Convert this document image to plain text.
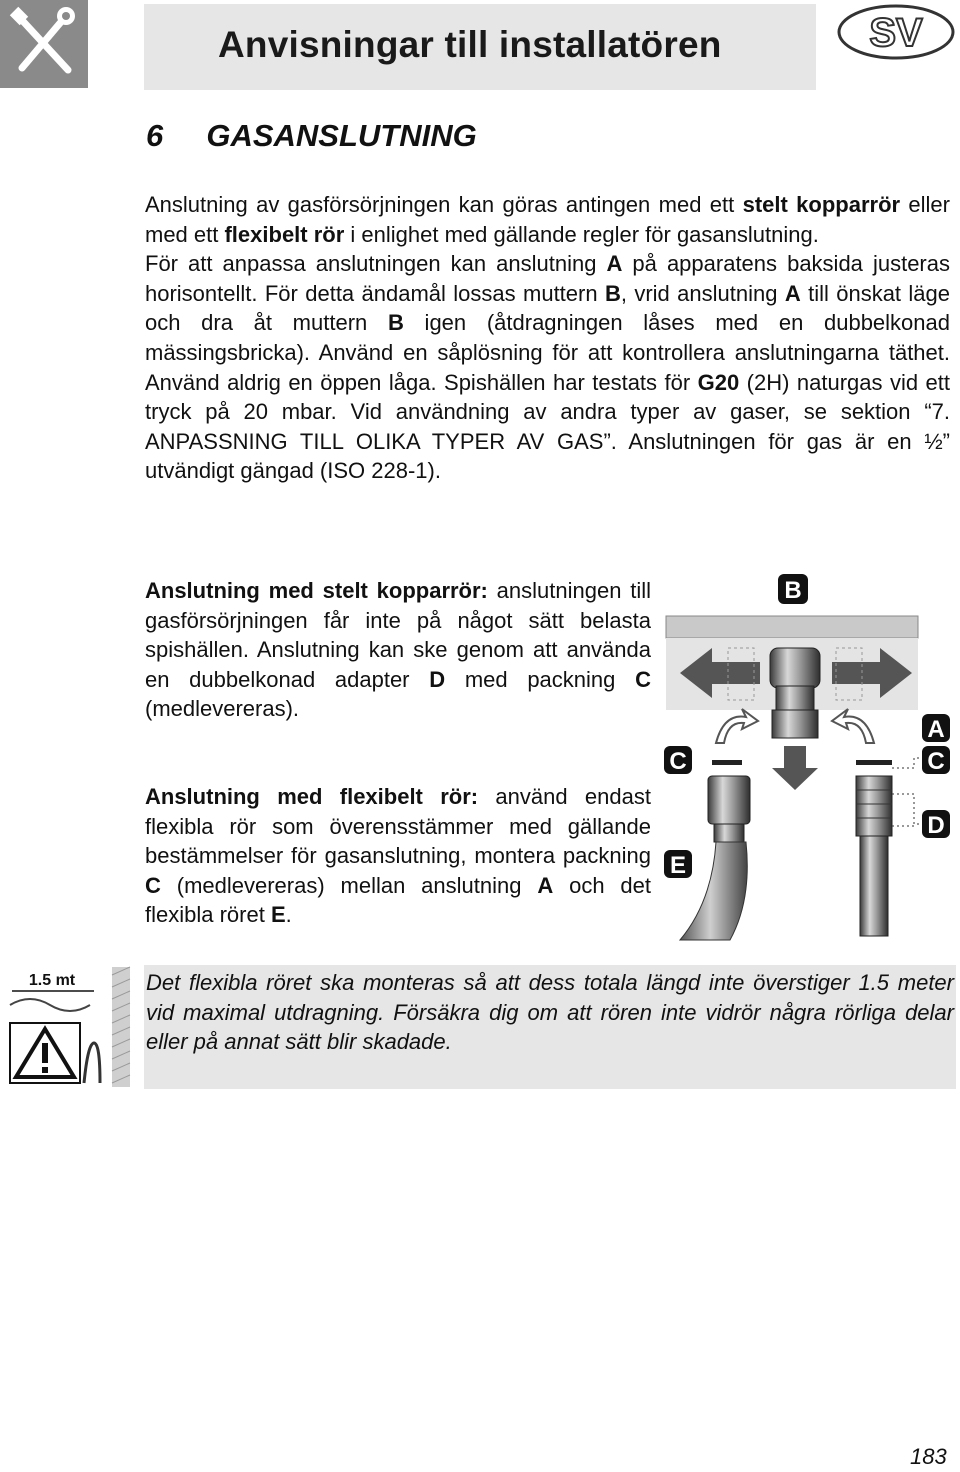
Anvisningar till installatören	SV
6 GASANSLUTNING
Anslutning av gasförsörjningen kan göras antingen med ett stelt kopparrör eller med ett flexibelt rör i enlighet med gällande regler för gasanslutning.
För att anpassa anslutningen kan anslutning A på apparatens baksida justeras horisontellt. För detta ändamål lossas muttern B, vrid anslutning A till önskat läge och dra åt muttern B igen (åtdragningen låses med en dubbelkonad mässingsbricka). Använd en såplösning för att kontrollera anslutningarna täthet. Använd aldrig en öppen låga. Spishällen har testats för G20 (2H) naturgas vid ett tryck på 20 mbar. Vid användning av andra typer av gaser, se sektion “7. ANPASSNING TILL OLIKA TYPER AV GAS”. Anslutningen för gas är en ½” utvändigt gängad (ISO 228-1).
Anslutning med stelt kopparrör: anslutningen till gasförsörjningen får inte på något sätt belasta spishällen. Anslutning kan ske genom att använda en dubbelkonad adapter D med packning C (medlevereras).
Anslutning med flexibelt rör: använd endast flexibla rör som överensstämmer med gällande bestämmelser för gasanslutning, montera packning C (medlevereras) mellan anslutning A och det flexibla röret E.
B
A
C	C
D
E
1.5 mt	Det flexibla röret ska monteras så att dess totala längd inte överstiger 1.5 meter vid maximal utdragning. Försäkra dig om att rören inte vidrör några rörliga delar eller på annat sätt blir skadade.
183
